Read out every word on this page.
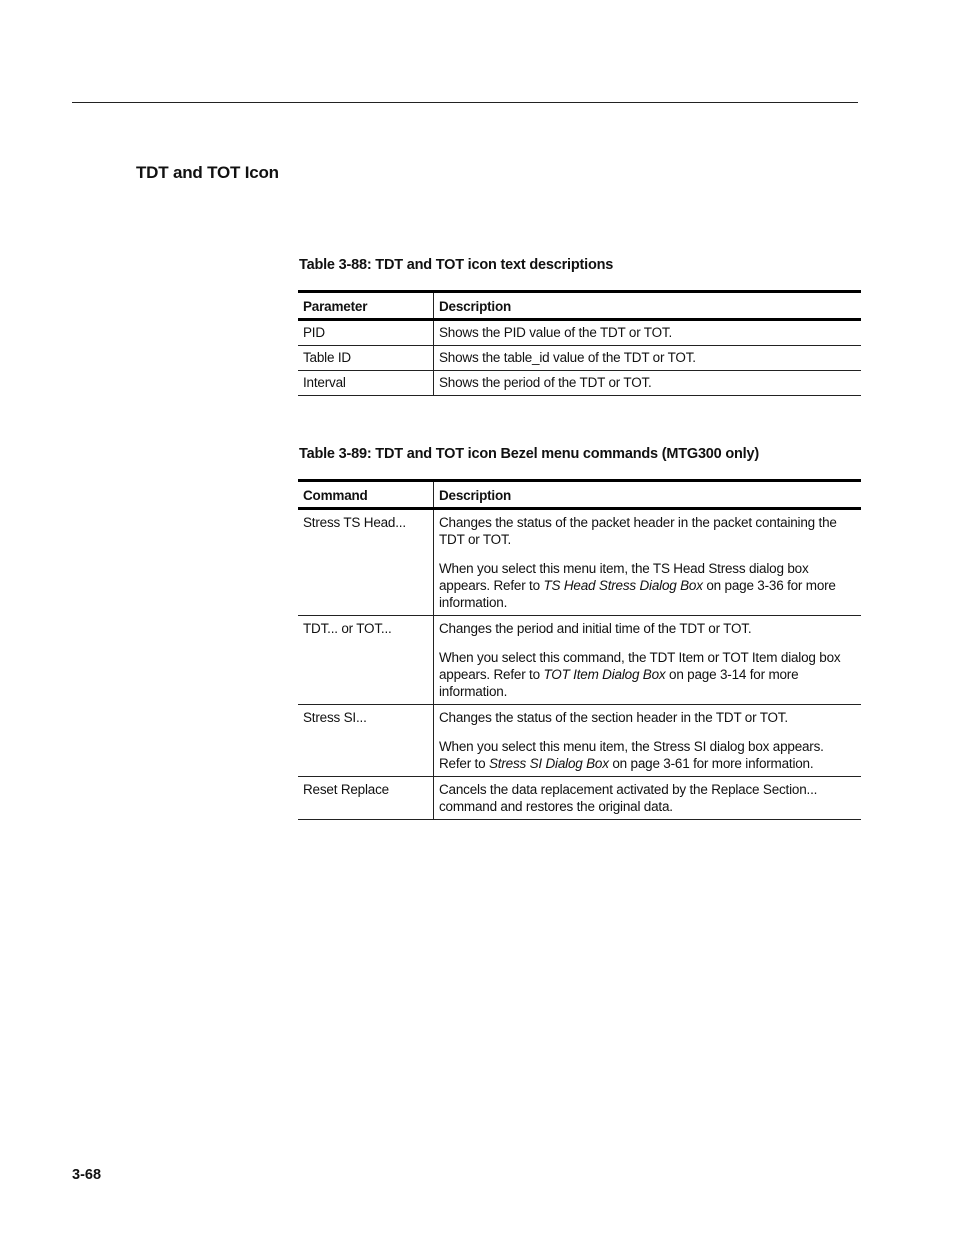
TDT and TOT Icon
Table 3-88: TDT and TOT icon text descriptions
Parameter	Description
PID	Shows the PID value of the TDT or TOT.
Table ID	Shows the table_id value of the TDT or TOT.
Interval	Shows the period of the TDT or TOT.
Table 3-89: TDT and TOT icon Bezel menu commands (MTG300 only)
Command	Description
Stress TS Head...	Changes the status of the packet header in the packet containing the TDT or TOT.

When you select this menu item, the TS Head Stress dialog box appears. Refer to TS Head Stress Dialog Box on page 3-36 for more information.

TDT... or TOT...	Changes the period and initial time of the TDT or TOT.

When you select this command, the TDT Item or TOT Item dialog box appears. Refer to TOT Item Dialog Box on page 3-14 for more information.

Stress SI...	Changes the status of the section header in the TDT or TOT.

When you select this menu item, the Stress SI dialog box appears. Refer to Stress SI Dialog Box on page 3-61 for more information.

Reset Replace	Cancels the data replacement activated by the Replace Section... command and restores the original data.

3-68
